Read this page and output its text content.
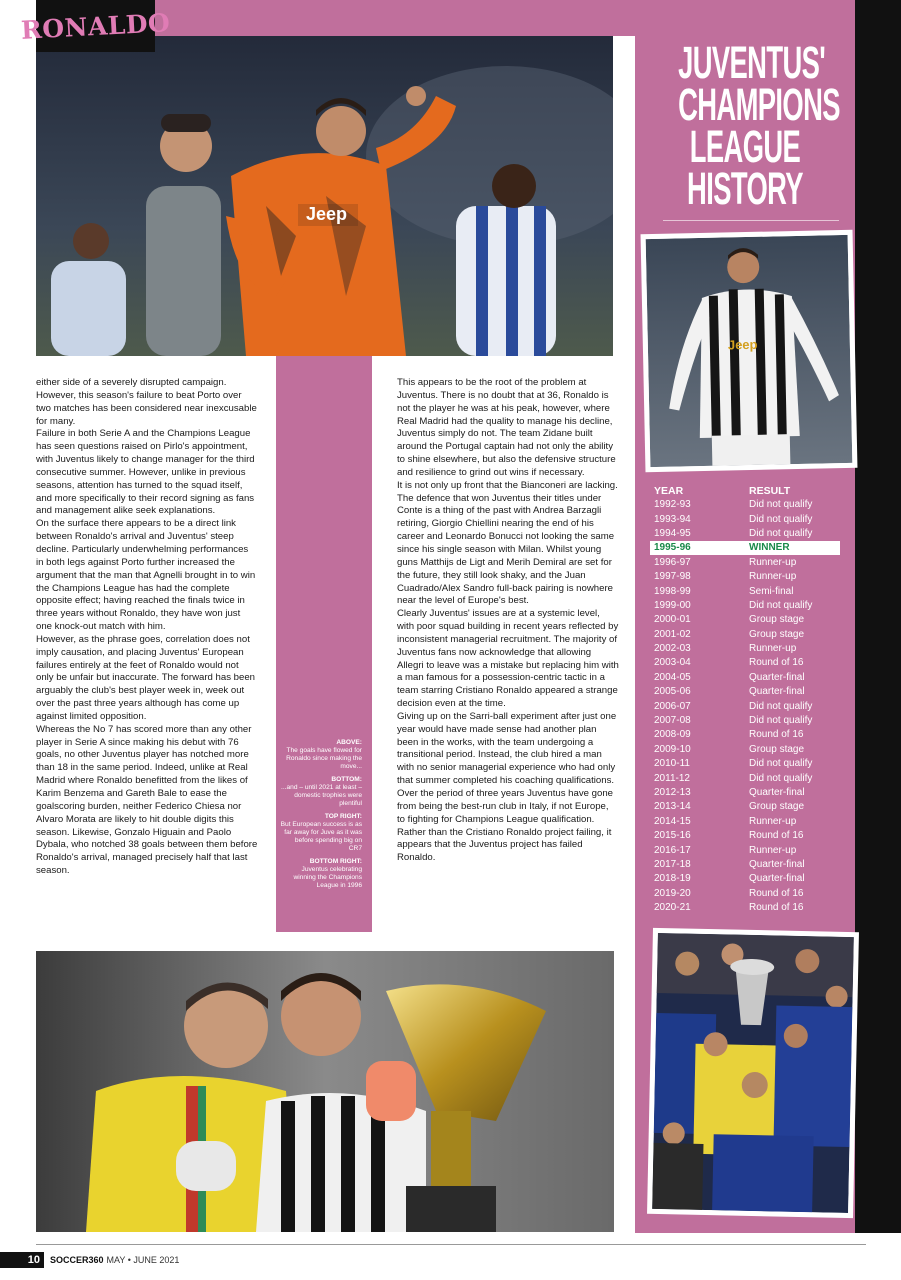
Jeep
RONALDO
JUVENTUS'
CHAMPIONS
LEAGUE
HISTORY
Jeep
YEAR	RESULT
1992-93	Did not qualify
1993-94	Did not qualify
1994-95	Did not qualify
1995-96	WINNER
1996-97	Runner-up
1997-98	Runner-up
1998-99	Semi-final
1999-00	Did not qualify
2000-01	Group stage
2001-02	Group stage
2002-03	Runner-up
2003-04	Round of 16
2004-05	Quarter-final
2005-06	Quarter-final
2006-07	Did not qualify
2007-08	Did not qualify
2008-09	Round of 16
2009-10	Group stage
2010-11	Did not qualify
2011-12	Did not qualify
2012-13	Quarter-final
2013-14	Group stage
2014-15	Runner-up
2015-16	Round of 16
2016-17	Runner-up
2017-18	Quarter-final
2018-19	Quarter-final
2019-20	Round of 16
2020-21	Round of 16
ABOVE:
The goals have flowed for Ronaldo since making the move...
BOTTOM:
...and – until 2021 at least – domestic trophies were plentiful
TOP RIGHT:
But European success is as far away for Juve as it was before spending big on CR7
BOTTOM RIGHT:
Juventus celebrating winning the Champions League in 1996

either side of a severely disrupted campaign. However, this season's failure to beat Porto over two matches has been considered near inexcusable for many.

Failure in both Serie A and the Champions League has seen questions raised on Pirlo's appointment, with Juventus likely to change manager for the third consecutive summer. However, unlike in previous seasons, attention has turned to the squad itself, and more specifically to their record signing as fans and management alike seek explanations.

On the surface there appears to be a direct link between Ronaldo's arrival and Juventus' steep decline. Particularly underwhelming performances in both legs against Porto further increased the argument that the man that Agnelli brought in to win the Champions League has had the complete opposite effect; having reached the finals twice in three years without Ronaldo, they have won just one knock-out match with him.

However, as the phrase goes, correlation does not imply causation, and placing Juventus' European failures entirely at the feet of Ronaldo would not only be unfair but inaccurate. The forward has been arguably the club's best player week in, week out over the past three years although has come up against limited opposition.

Whereas the No 7 has scored more than any other player in Serie A since making his debut with 76 goals, no other Juventus player has notched more than 18 in the same period. Indeed, unlike at Real Madrid where Ronaldo benefitted from the likes of Karim Benzema and Gareth Bale to ease the goalscoring burden, neither Federico Chiesa nor Alvaro Morata are likely to hit double digits this season. Likewise, Gonzalo Higuain and Paolo Dybala, who notched 38 goals between them before Ronaldo's arrival, managed precisely half that last season.

This appears to be the root of the problem at Juventus. There is no doubt that at 36, Ronaldo is not the player he was at his peak, however, where Real Madrid had the quality to manage his decline, Juventus simply do not. The team Zidane built around the Portugal captain had not only the ability to shine elsewhere, but also the defensive structure and resilience to grind out wins if necessary.

It is not only up front that the Bianconeri are lacking. The defence that won Juventus their titles under Conte is a thing of the past with Andrea Barzagli retiring, Giorgio Chiellini nearing the end of his career and Leonardo Bonucci not looking the same since his single season with Milan. Whilst young guns Matthijs de Ligt and Merih Demiral are set for the future, they still look shaky, and the Juan Cuadrado/Alex Sandro full-back pairing is nowhere near the level of Europe's best.

Clearly Juventus' issues are at a systemic level, with poor squad building in recent years reflected by inconsistent managerial recruitment. The majority of Juventus fans now acknowledge that allowing Allegri to leave was a mistake but replacing him with a man famous for a possession-centric tactic in a team starring Cristiano Ronaldo appeared a strange decision even at the time.

Giving up on the Sarri-ball experiment after just one year would have made sense had another plan been in the works, with the team undergoing a transitional period. Instead, the club hired a man with no senior managerial experience who had only that summer completed his coaching qualifications.

Over the period of three years Juventus have gone from being the best-run club in Italy, if not Europe, to fighting for Champions League qualification. Rather than the Cristiano Ronaldo project failing, it appears that the Juventus project has failed Ronaldo.

10	SOCCER360 MAY • JUNE 2021
